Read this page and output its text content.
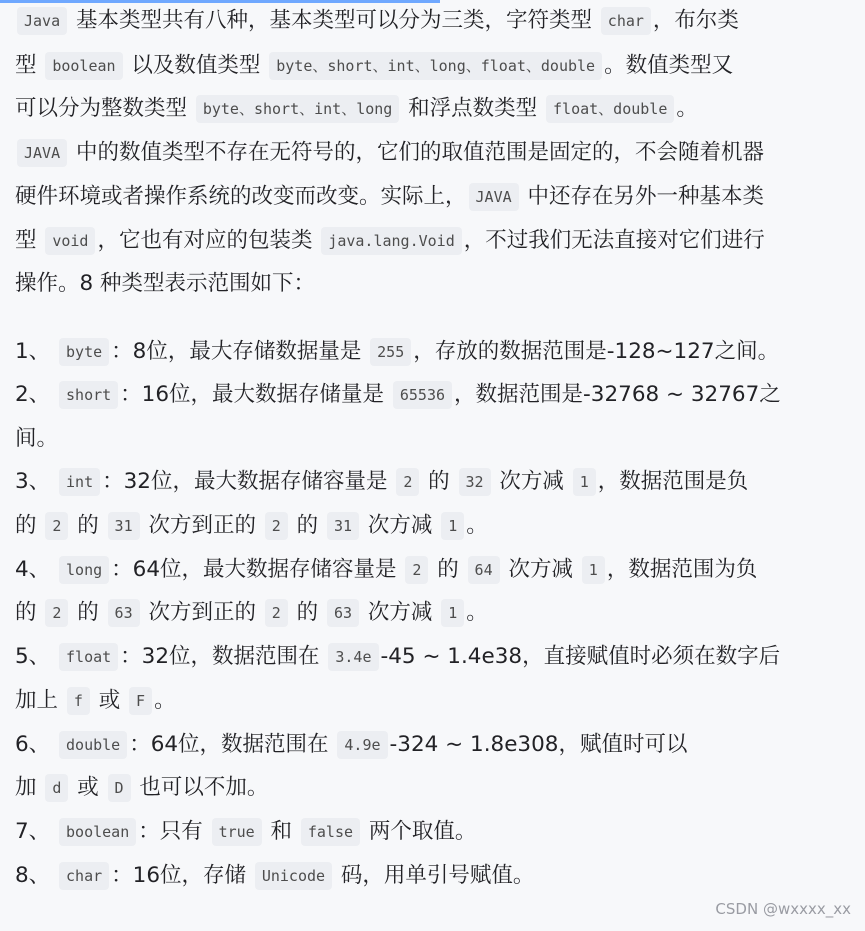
Java 基本类型共有八种，基本类型可以分为三类，字符类型 char ，布尔类
型 boolean 以及数值类型 byte、short、int、long、float、double 。数值类型又
可以分为整数类型 byte、short、int、long 和浮点数类型 float、double 。
JAVA 中的数值类型不存在无符号的，它们的取值范围是固定的，不会随着机器
硬件环境或者操作系统的改变而改变。实际上， JAVA 中还存在另外一种基本类
型 void ，它也有对应的包装类 java.lang.Void ，不过我们无法直接对它们进行
操作。8 种类型表示范围如下：
1、 byte ：8位，最大存储数据量是 255 ，存放的数据范围是-128~127之间。
2、 short ：16位，最大数据存储量是 65536 ，数据范围是-32768 ~ 32767之
间。
3、 int ：32位，最大数据存储容量是 2 的 32 次方减 1 ，数据范围是负
的 2 的 31 次方到正的 2 的 31 次方减 1 。
4、 long ：64位，最大数据存储容量是 2 的 64 次方减 1 ，数据范围为负
的 2 的 63 次方到正的 2 的 63 次方减 1 。
5、 float ：32位，数据范围在 3.4e -45 ~ 1.4e38，直接赋值时必须在数字后
加上 f 或 F 。
6、 double ：64位，数据范围在 4.9e -324 ~ 1.8e308，赋值时可以
加 d 或 D 也可以不加。
7、 boolean ：只有 true 和 false 两个取值。
8、 char ：16位，存储 Unicode 码，用单引号赋值。
CSDN @wxxxx_xx
